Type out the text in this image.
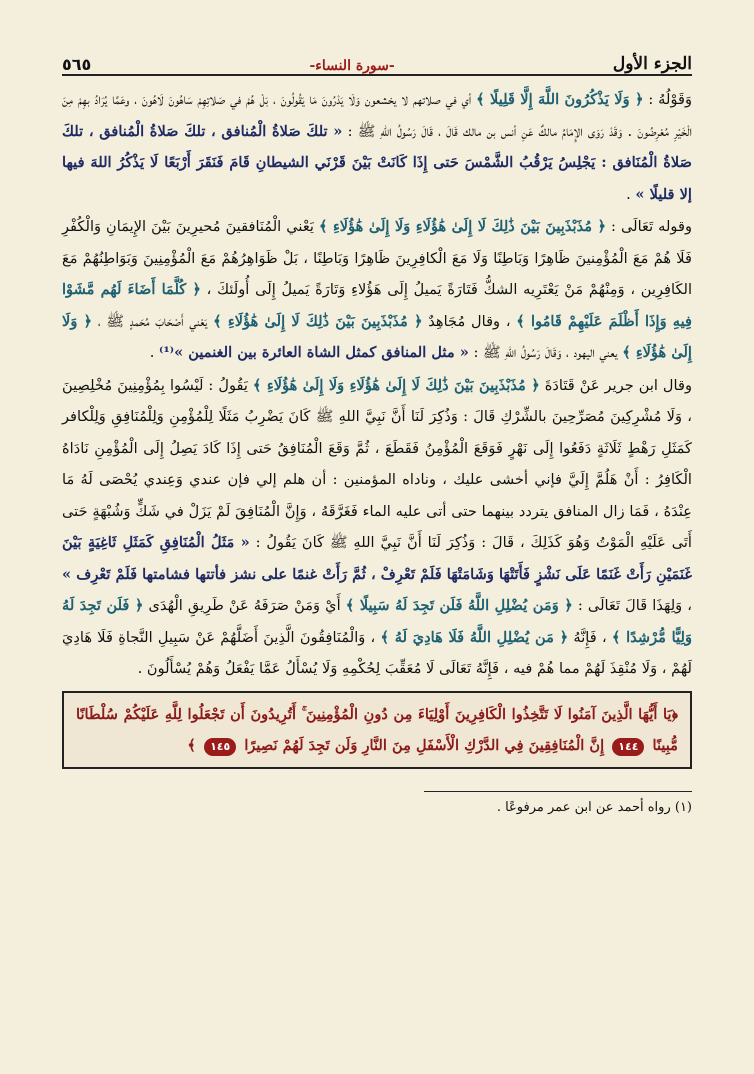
الجزء الأول
-سورة النساء-
٥٦٥

وَقَوْلُهُ : ﴿ وَلَا يَذْكُرُونَ اللَّهَ إِلَّا قَلِيلًا ﴾ أي في صلاتهم لا يخشعون وَلَا يَدْرُونَ مَا يَقُولُونَ ، بَلْ هُمْ في صَلاتِهِمْ سَاهُونَ لَاهُونَ ، وعَمَّا يُرَادُ بهِمْ مِنَ الْخَيْرِ مُعْرِضُونَ . وَقَدْ رَوَى الإِمَامُ مالكٌ عَنِ أنس بن مالك قَالَ ، قَالَ رَسُولُ اللهِ ﷺ : « تلكَ صَلاةُ الْمُنافق ، تلكَ صَلاةُ الْمُنافق ، تلكَ صَلاةُ الْمُنَافق : يَجْلِسُ يَرْقُبُ الشَّمْسَ حَتى إِذَا كَانَتْ بَيْنَ قَرْنَي الشيطانِ قَامَ فَنَقَرَ أَرْبَعًا لَا يَذْكُرُ اللهَ فيها إلا قليلًا » .

وقوله تَعَالَى : ﴿ مُذَبْذَبِينَ بَيْنَ ذَٰلِكَ لَا إِلَىٰ هَٰؤُلَاءِ وَلَا إِلَىٰ هَٰؤُلَاءِ ﴾ يَعْني الْمُنَافقينَ مُحيرِينَ بَيْنَ الإِيمَانِ وَالْكُفْرِ فَلَا هُمْ مَعَ الْمُؤْمِنينَ ظَاهِرًا وَبَاطِنًا وَلَا مَعَ الْكافِرِينَ ظَاهِرًا وَبَاطِنًا ، بَلْ ظَوَاهِرُهُمْ مَعَ الْمُؤْمِنِينَ وَبَوَاطِنُهُمْ مَعَ الكَافِرِين ، وَمِنْهُمْ مَنْ يَعْتَرِيه الشكُّ فَتَارَةً يَميلُ إِلَى هَؤُلاءِ وَتَارَةً يَميلُ إِلَى أُولَئكَ ، ﴿ كُلَّمَا أَضَاءَ لَهُم مَّشَوْا فِيهِ وَإِذَا أَظْلَمَ عَلَيْهِمْ قَامُوا ﴾ ، وقال مُجَاهِدٌ ﴿ مُذَبْذَبِينَ بَيْنَ ذَٰلِكَ لَا إِلَىٰ هَٰؤُلَاءِ ﴾ يَعْني أَصْحَابَ مُحَمدٍ ﷺ ، ﴿ وَلَا إِلَىٰ هَٰؤُلَاءِ ﴾ يعني اليهود ، وَقَالَ رَسُولُ اللهِ ﷺ : « مثل المنافق كمثل الشاة العائرة بين الغنمين »⁽¹⁾ .

وقال ابن جرير عَنْ قَتَادَةَ ﴿ مُذَبْذَبِينَ بَيْنَ ذَٰلِكَ لَا إِلَىٰ هَٰؤُلَاءِ وَلَا إِلَىٰ هَٰؤُلَاءِ ﴾ يَقُولُ : لَيْسُوا بِمُؤْمِنِينَ مُخْلِصِينَ ، وَلَا مُشْرِكِينَ مُصَرِّحِينَ بالشِّرْكِ قَالَ : وَذُكِرَ لَنَا أَنَّ نَبِيَّ اللهِ ﷺ كَانَ يَضْرِبُ مَثَلًا لِلْمُؤْمِنِ وَلِلْمُنَافِقِ وَلِلْكافر كَمَثَلِ رَهْطٍ ثَلَاثَةٍ دَفَعُوا إِلَى نَهْرٍ فَوَقَعَ الْمُؤْمِنُ فَقَطَعَ ، ثُمَّ وَقَعَ الْمُنَافِقُ حَتى إِذَا كَادَ يَصِلُ إِلَى الْمُؤْمِنِ نَادَاهُ الْكَافِرُ : أَنْ هَلُمَّ إِلَيَّ فإني أخشى عليك ، وناداه المؤمنين : أن هلم إلي فإن عندي وَعِندي يُحْصَى لَهُ مَا عِنْدَهُ ، فَمَا زال المنافق يتردد بينهما حتى أتى عليه الماء فَغَرَّقَهُ ، وَإِنَّ الْمُنَافِقَ لَمْ يَزَلْ في شَكٍّ وَشُبْهَةٍ حَتى أَتَى عَلَيْهِ الْمَوْتُ وَهُوَ كَذَلِكَ ، قَالَ : وَذُكِرَ لَنَا أَنَّ نَبِيَّ اللهِ ﷺ كَانَ يَقُولُ : « مَثَلُ الْمُنَافِقِ كَمَثَلِ ثَاغِيَةٍ بَيْنَ غَنَمَيْنِ رَأَتْ غَنَمًا عَلَى نَشْزٍ فَأَتَتْهَا وَشَامَتْهَا فَلَمْ تَعْرِفْ ، ثُمَّ رَأَتْ غنمًا على نشز فأتتها فشامتها فَلَمْ تَعْرِف » ، وَلِهَذَا قَالَ تَعَالَى : ﴿ وَمَن يُضْلِلِ اللَّهُ فَلَن تَجِدَ لَهُ سَبِيلًا ﴾ أَيْ وَمَنْ صَرَفَهُ عَنْ طَرِيقِ الْهُدَى ﴿ فَلَن تَجِدَ لَهُ وَلِيًّا مُّرْشِدًا ﴾ ، فَإِنَّهُ ﴿ مَن يُضْلِلِ اللَّهُ فَلَا هَادِيَ لَهُ ﴾ ، وَالْمُنَافِقُونَ الَّذِينَ أَضَلَّهُمْ عَنْ سَبِيلِ النَّجاةِ فَلَا هَادِيَ لَهُمْ ، وَلَا مُنْقِذَ لَهُمْ مما هُمْ فيه ، فَإِنَّهُ تَعَالَى لَا مُعَقِّبَ لِحُكْمِهِ وَلَا يُسْأَلُ عَمَّا يَفْعَلُ وَهُمْ يُسْأَلُونَ .

﴿يَا أَيُّهَا الَّذِينَ آمَنُوا لَا تَتَّخِذُوا الْكَافِرِينَ أَوْلِيَاءَ مِن دُونِ الْمُؤْمِنِينَ ۚ أَتُرِيدُونَ أَن تَجْعَلُوا لِلَّهِ عَلَيْكُمْ سُلْطَانًا مُّبِينًا ١٤٤ إِنَّ الْمُنَافِقِينَ فِي الدَّرْكِ الْأَسْفَلِ مِنَ النَّارِ وَلَن تَجِدَ لَهُمْ نَصِيرًا ١٤٥ ﴾
(١) رواه أحمد عن ابن عمر مرفوعًا .
